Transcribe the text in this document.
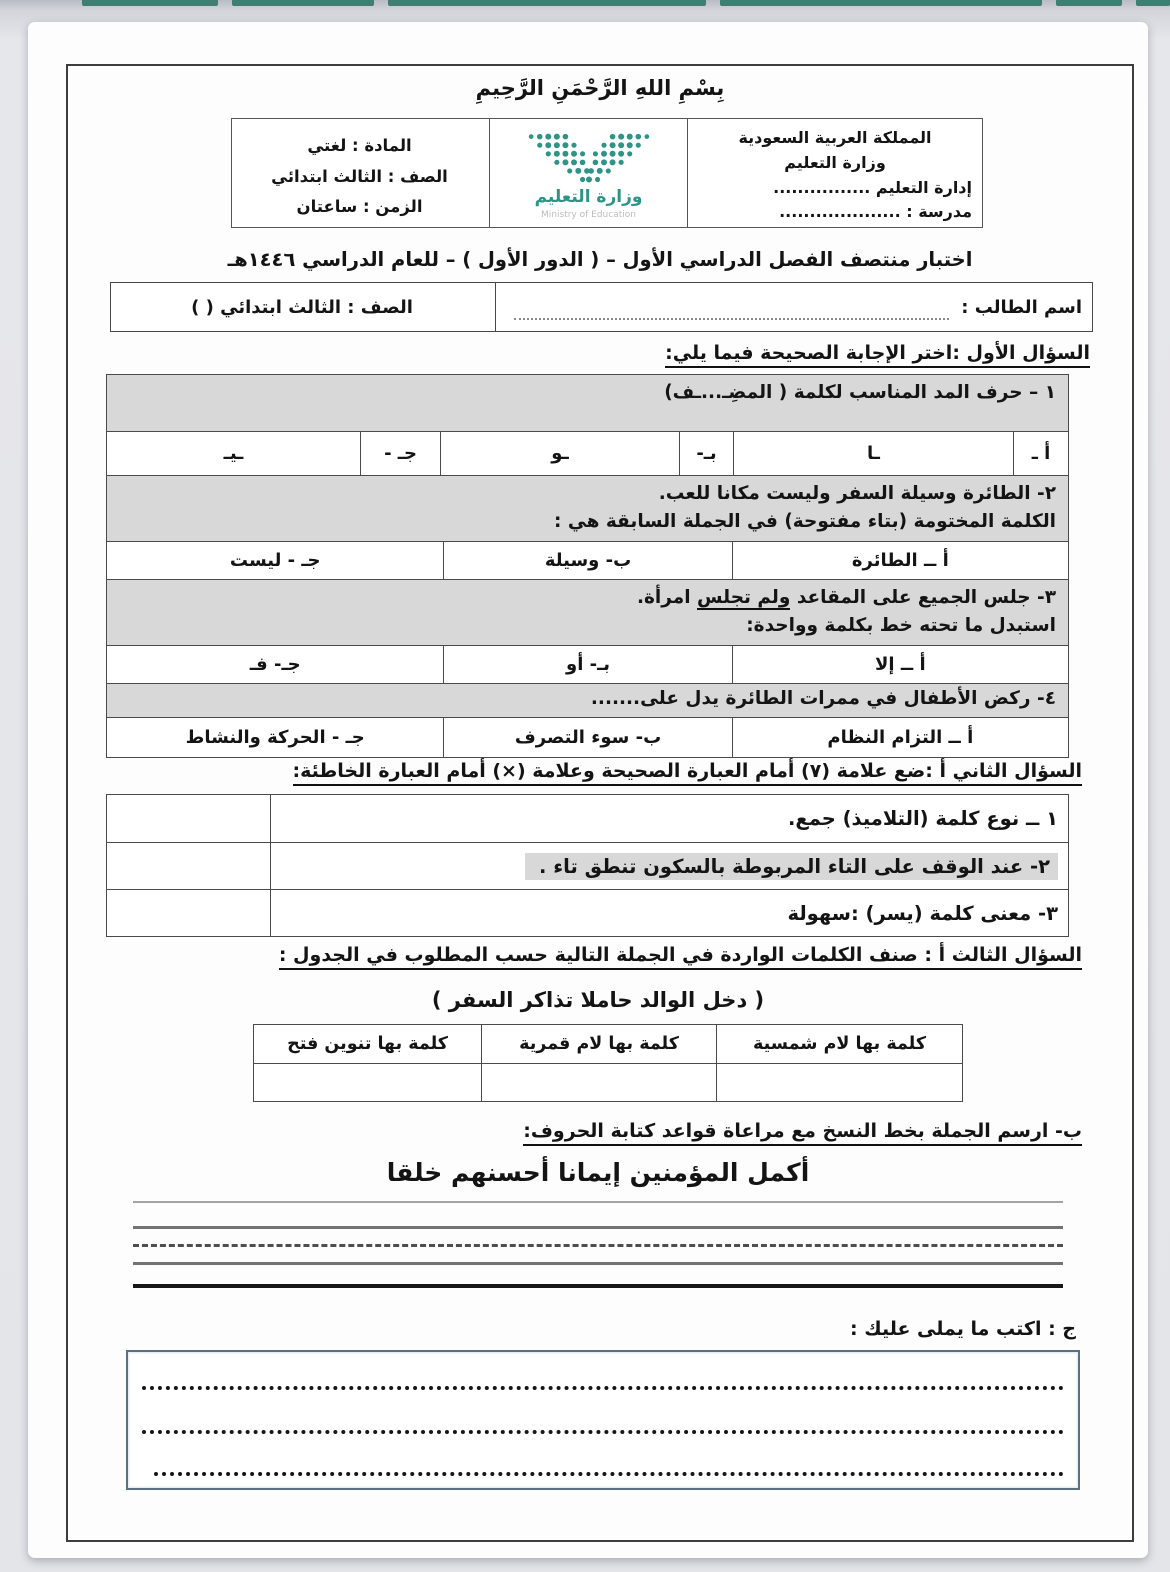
بِسْمِ اللهِ الرَّحْمَنِ الرَّحِيمِ
المملكة العربية السعودية
وزارة التعليم
إدارة التعليم ................
مدرسة : ....................
وزارة التعليم
Ministry of Education
المادة : لغتي
الصف : الثالث ابتدائي
الزمن : ساعتان
اختبار منتصف الفصل الدراسي الأول – ( الدور الأول ) – للعام الدراسي ١٤٤٦هـ
اسم الطالب :
الصف : الثالث ابتدائي ( )
السؤال الأول :اختر الإجابة الصحيحة فيما يلي:
١ – حرف المد المناسب لكلمة ( المضِـ...ـف)
أ ـ
ـا
بـ-
ـو
جـ -
ـيـ
٢- الطائرة وسيلة السفر وليست مكانا للعب.
الكلمة المختومة (بتاء مفتوحة) في الجملة السابقة هي :
أ ــ الطائرة
ب- وسيلة
جـ - ليست
٣- جلس الجميع على المقاعد ولم تجلس امرأة.
استبدل ما تحته خط بكلمة وواحدة:
أ ــ إلا
بـ- أو
جـ- فـ
٤- ركض الأطفال في ممرات الطائرة يدل على.......
أ ــ التزام النظام
ب- سوء التصرف
جـ - الحركة والنشاط
السؤال الثاني أ :ضع علامة (٧) أمام العبارة الصحيحة وعلامة (×) أمام العبارة الخاطئة:
١ ــ نوع كلمة (التلاميذ) جمع.
٢- عند الوقف على التاء المربوطة بالسكون تنطق تاء .
٣- معنى كلمة (يسر) :سهولة
السؤال الثالث أ : صنف الكلمات الواردة في الجملة التالية حسب المطلوب في الجدول :
( دخل الوالد حاملا تذاكر السفر )
كلمة بها لام شمسية
كلمة بها لام قمرية
كلمة بها تنوين فتح
ب- ارسم الجملة بخط النسخ مع مراعاة قواعد كتابة الحروف:
أكمل المؤمنين إيمانا أحسنهم خلقا
ج : اكتب ما يملى عليك :
